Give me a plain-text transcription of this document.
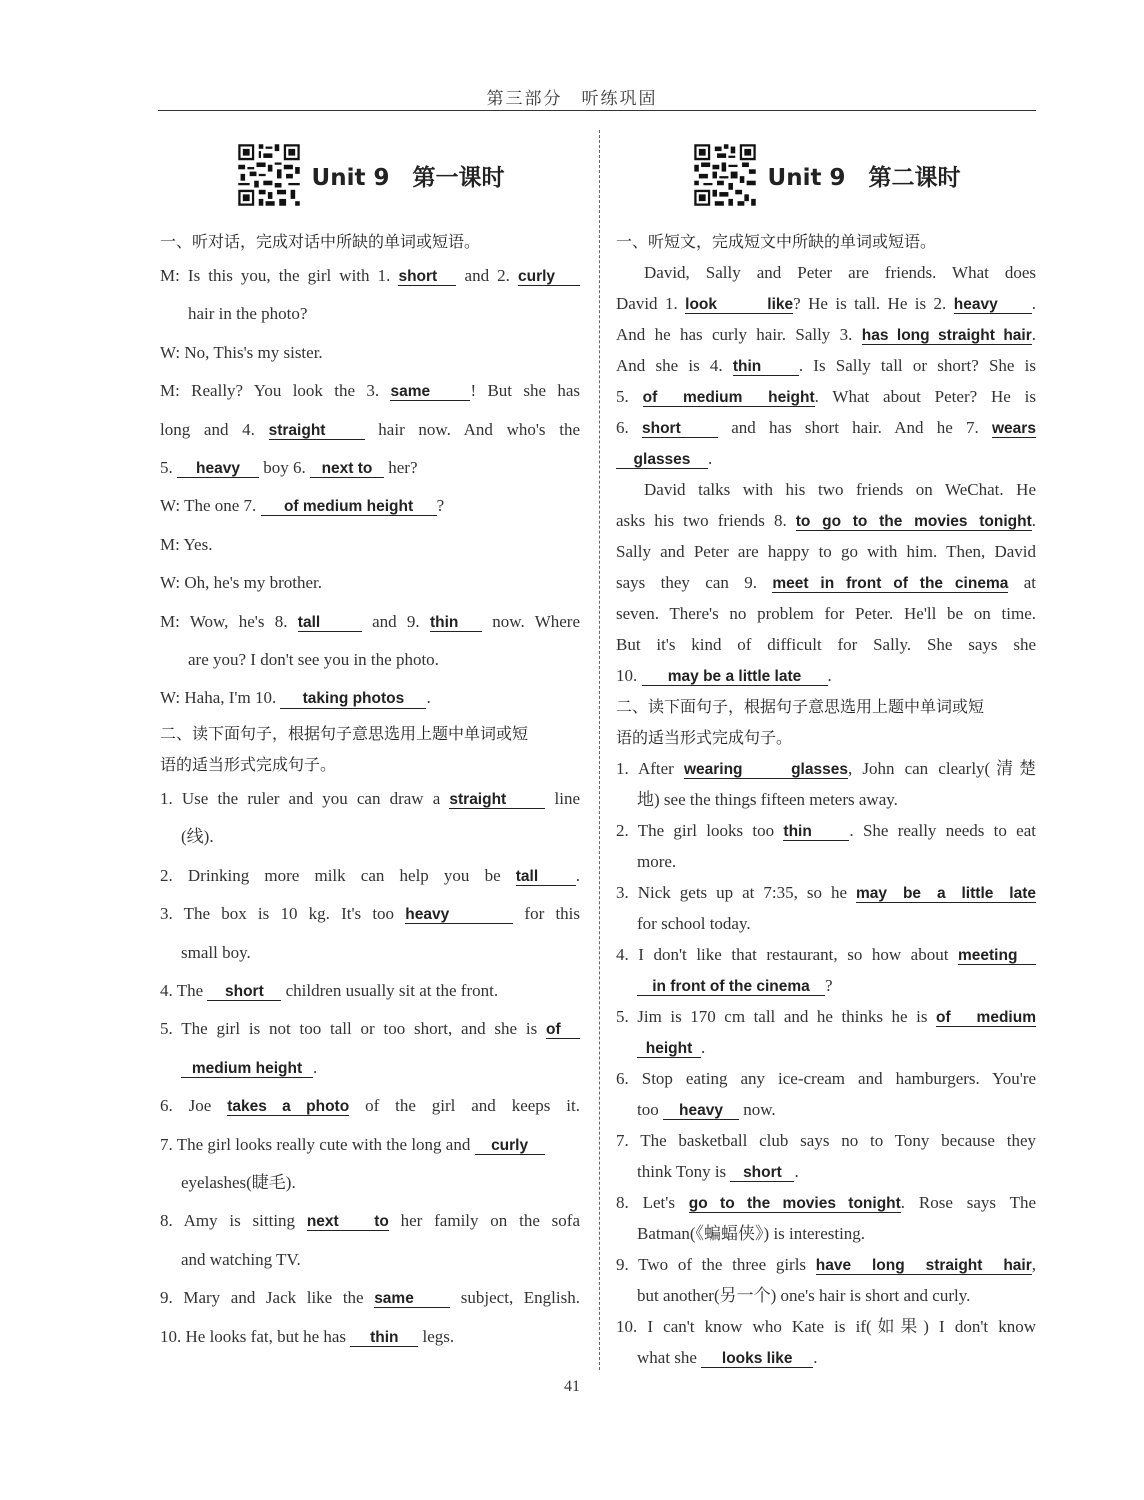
第三部分　听练巩固
Unit 9　第一课时
一、听对话，完成对话中所缺的单词或短语。
M: Is this you, the girl with 1. short and 2. curly
hair in the photo?
W: No, This's my sister.
M: Really? You look the 3. same ! But she has
long and 4. straight hair now. And who's the
5. heavy boy 6. next to her?
W: The one 7. of medium height ?
M: Yes.
W: Oh, he's my brother.
M: Wow, he's 8. tall and 9. thin now. Where
are you? I don't see you in the photo.
W: Haha, I'm 10. taking photos .
二、读下面句子，根据句子意思选用上题中单词或短
语的适当形式完成句子。
1. Use the ruler and you can draw a straight line
(线).
2. Drinking more milk can help you be tall .
3. The box is 10 kg. It's too heavy	for this
small boy.
4. The short children usually sit at the front.
5. The girl is not too tall or too short, and she is of
medium height .
6. Joe takes a photo of the girl and keeps it.
7. The girl looks really cute with the long and curly
eyelashes(睫毛).
8. Amy is sitting next to her family on the sofa
and watching TV.
9. Mary and Jack like the same subject, English.
10. He looks fat, but he has thin legs.
Unit 9　第二课时
一、听短文，完成短文中所缺的单词或短语。
David, Sally and Peter are friends. What does
David 1. look like? He is tall. He is 2. heavy .
And he has curly hair. Sally 3. has long straight hair.
And she is 4. thin . Is Sally tall or short? She is
5. of medium height. What about Peter? He is
6. short and has short hair. And he 7. wears
glasses .
David talks with his two friends on WeChat. He
asks his two friends 8. to go to the movies tonight.
Sally and Peter are happy to go with him. Then, David
says they can 9. meet in front of the cinema at
seven. There's no problem for Peter. He'll be on time.
But it's kind of difficult for Sally. She says she
10. may be a little late .
二、读下面句子，根据句子意思选用上题中单词或短
语的适当形式完成句子。
1. After wearing glasses, John can clearly(清楚
地) see the things fifteen meters away.
2. The girl looks too thin . She really needs to eat
more.
3. Nick gets up at 7:35, so he may be a little late
for school today.
4. I don't like that restaurant, so how about meeting
in front of the cinema ?
5. Jim is 170 cm tall and he thinks he is of medium
height .
6. Stop eating any ice-cream and hamburgers. You're
too heavy now.
7. The basketball club says no to Tony because they
think Tony is short .
8. Let's go to the movies tonight. Rose says The
Batman(《蝙蝠侠》) is interesting.
9. Two of the three girls have long straight hair,
but another(另一个) one's hair is short and curly.
10. I can't know who Kate is if(如果) I don't know
what she looks like .
41
